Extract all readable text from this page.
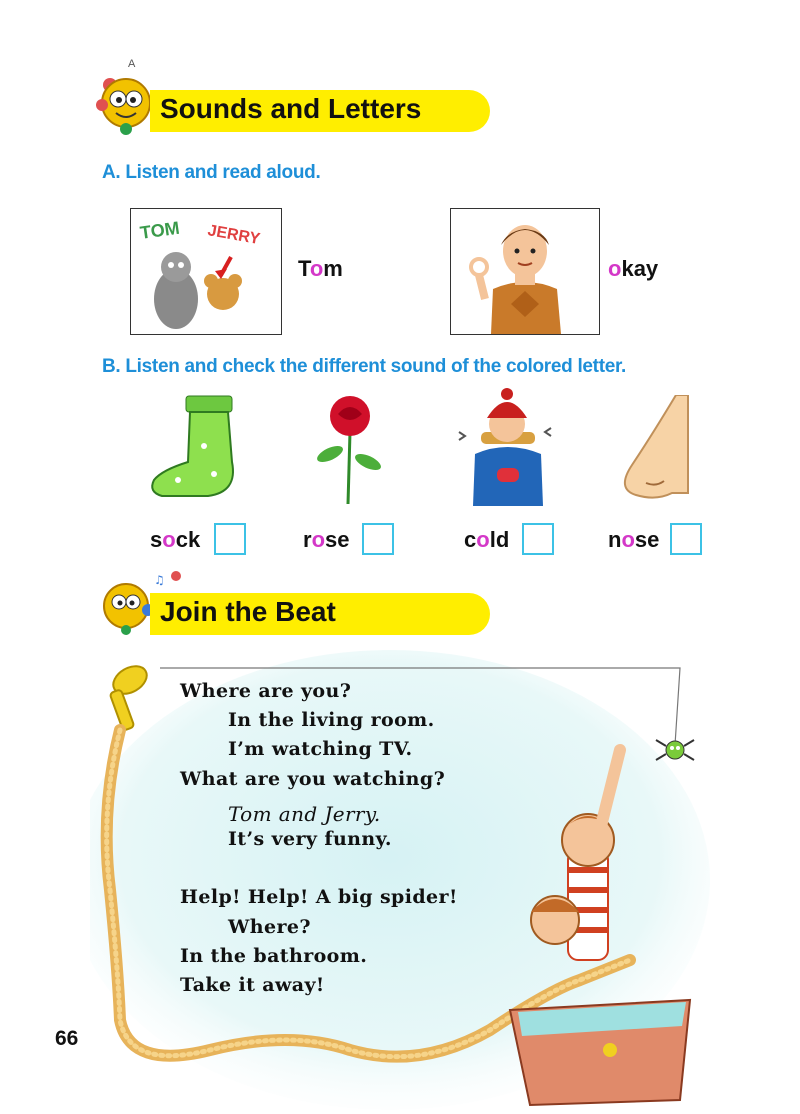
A
Sounds and Letters
A. Listen and read aloud.
TOM JERRY
Tom	okay
B. Listen and check the different sound of the colored letter.
sock	rose	cold	nose
♫
Join the Beat
Where are you?
In the living room.
I’m watching TV.
What are you watching?
Tom and Jerry.
It’s very funny.
Help! Help! A big spider!
Where?
In the bathroom.
Take it away!
66
